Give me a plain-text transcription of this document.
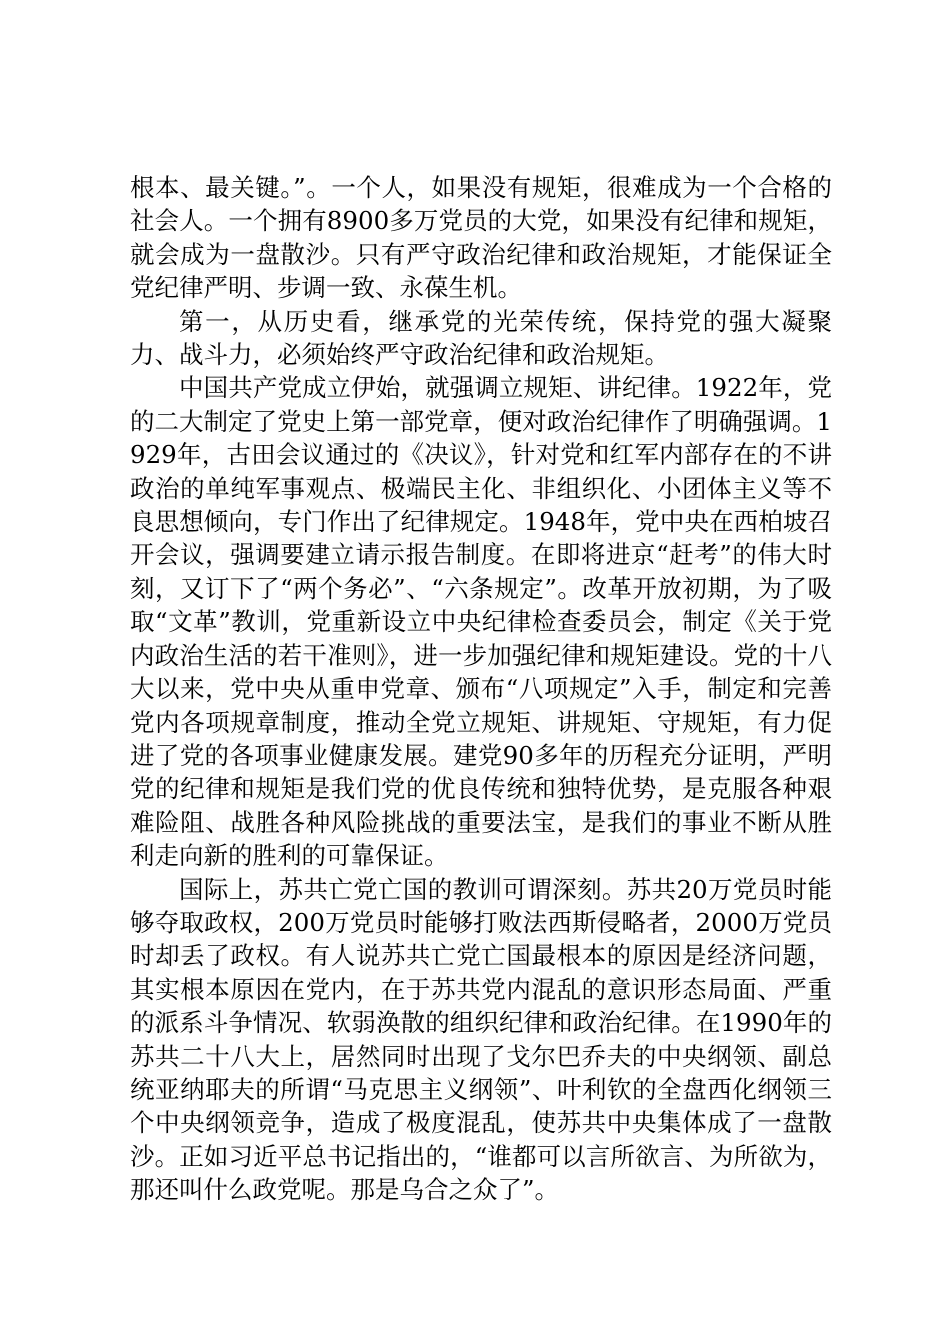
根本、最关键。”。一个人，如果没有规矩，很难成为一个合格的社会人。一个拥有8900多万党员的大党，如果没有纪律和规矩，就会成为一盘散沙。只有严守政治纪律和政治规矩，才能保证全党纪律严明、步调一致、永葆生机。

第一，从历史看，继承党的光荣传统，保持党的强大凝聚力、战斗力，必须始终严守政治纪律和政治规矩。

中国共产党成立伊始，就强调立规矩、讲纪律。1922年，党的二大制定了党史上第一部党章，便对政治纪律作了明确强调。1929年，古田会议通过的《决议》，针对党和红军内部存在的不讲政治的单纯军事观点、极端民主化、非组织化、小团体主义等不良思想倾向，专门作出了纪律规定。1948年，党中央在西柏坡召开会议，强调要建立请示报告制度。在即将进京“赶考”的伟大时刻，又订下了“两个务必”、“六条规定”。改革开放初期，为了吸取“文革”教训，党重新设立中央纪律检查委员会，制定《关于党内政治生活的若干准则》，进一步加强纪律和规矩建设。党的十八大以来，党中央从重申党章、颁布“八项规定”入手，制定和完善党内各项规章制度，推动全党立规矩、讲规矩、守规矩，有力促进了党的各项事业健康发展。建党90多年的历程充分证明，严明党的纪律和规矩是我们党的优良传统和独特优势，是克服各种艰难险阻、战胜各种风险挑战的重要法宝，是我们的事业不断从胜利走向新的胜利的可靠保证。

国际上，苏共亡党亡国的教训可谓深刻。苏共20万党员时能够夺取政权，200万党员时能够打败法西斯侵略者，2000万党员时却丢了政权。有人说苏共亡党亡国最根本的原因是经济问题，其实根本原因在党内，在于苏共党内混乱的意识形态局面、严重的派系斗争情况、软弱涣散的组织纪律和政治纪律。在1990年的苏共二十八大上，居然同时出现了戈尔巴乔夫的中央纲领、副总统亚纳耶夫的所谓“马克思主义纲领”、叶利钦的全盘西化纲领三个中央纲领竞争，造成了极度混乱，使苏共中央集体成了一盘散沙。正如习近平总书记指出的，“谁都可以言所欲言、为所欲为，那还叫什么政党呢。那是乌合之众了”。
